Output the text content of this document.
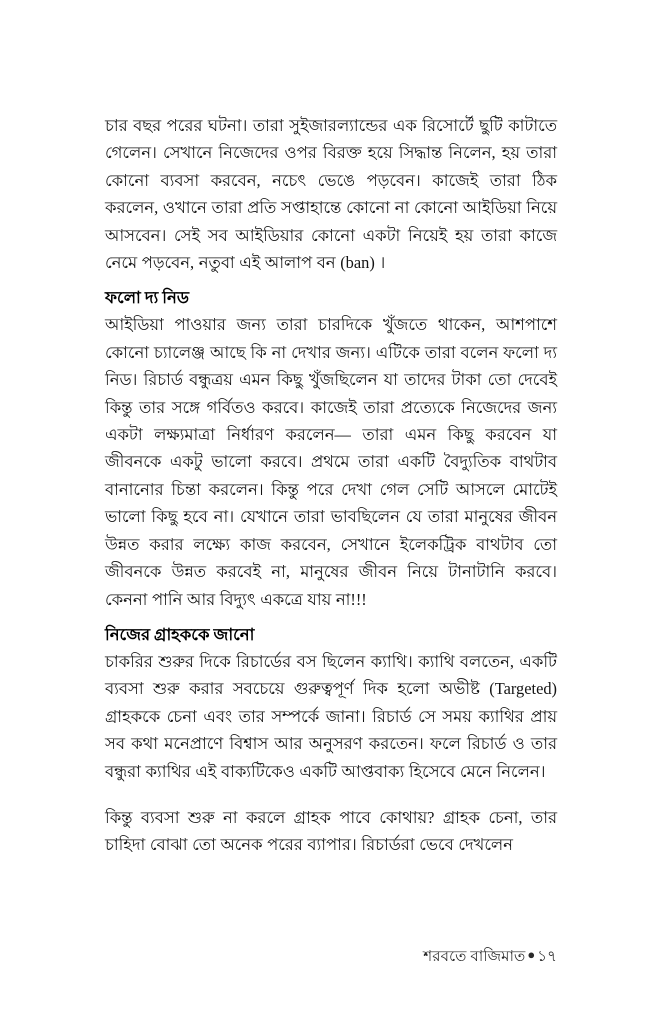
চার বছর পরের ঘটনা। তারা সুইজারল্যান্ডের এক রিসোর্টে ছুটি কাটাতে গেলেন। সেখানে নিজেদের ওপর বিরক্ত হয়ে সিদ্ধান্ত নিলেন, হয় তারা কোনো ব্যবসা করবেন, নচেৎ ভেঙে পড়বেন। কাজেই তারা ঠিক করলেন, ওখানে তারা প্রতি সপ্তাহান্তে কোনো না কোনো আইডিয়া নিয়ে আসবেন। সেই সব আইডিয়ার কোনো একটা নিয়েই হয় তারা কাজে নেমে পড়বেন, নতুবা এই আলাপ বন (ban) ।

ফলো দ্য নিড

আইডিয়া পাওয়ার জন্য তারা চারদিকে খুঁজতে থাকেন, আশপাশে কোনো চ্যালেঞ্জ আছে কি না দেখার জন্য। এটিকে তারা বলেন ফলো দ্য নিড। রিচার্ড বন্ধুত্রয় এমন কিছু খুঁজছিলেন যা তাদের টাকা তো দেবেই কিন্তু তার সঙ্গে গর্বিতও করবে। কাজেই তারা প্রত্যেকে নিজেদের জন্য একটা লক্ষ্যমাত্রা নির্ধারণ করলেন— তারা এমন কিছু করবেন যা জীবনকে একটু ভালো করবে। প্রথমে তারা একটি বৈদ্যুতিক বাথটাব বানানোর চিন্তা করলেন। কিন্তু পরে দেখা গেল সেটি আসলে মোটেই ভালো কিছু হবে না। যেখানে তারা ভাবছিলেন যে তারা মানুষের জীবন উন্নত করার লক্ষ্যে কাজ করবেন, সেখানে ইলেকট্রিক বাথটাব তো জীবনকে উন্নত করবেই না, মানুষের জীবন নিয়ে টানাটানি করবে। কেননা পানি আর বিদ্যুৎ একত্রে যায় না!!!

নিজের গ্রাহককে জানো

চাকরির শুরুর দিকে রিচার্ডের বস ছিলেন ক্যাথি। ক্যাথি বলতেন, একটি ব্যবসা শুরু করার সবচেয়ে গুরুত্বপূর্ণ দিক হলো অভীষ্ট (Targeted) গ্রাহককে চেনা এবং তার সম্পর্কে জানা। রিচার্ড সে সময় ক্যাথির প্রায় সব কথা মনেপ্রাণে বিশ্বাস আর অনুসরণ করতেন। ফলে রিচার্ড ও তার বন্ধুরা ক্যাথির এই বাক্যটিকেও একটি আপ্তবাক্য হিসেবে মেনে নিলেন।

কিন্তু ব্যবসা শুরু না করলে গ্রাহক পাবে কোথায়? গ্রাহক চেনা, তার চাহিদা বোঝা তো অনেক পরের ব্যাপার। রিচার্ডরা ভেবে দেখলেন

শরবতে বাজিমাত ● ১৭
